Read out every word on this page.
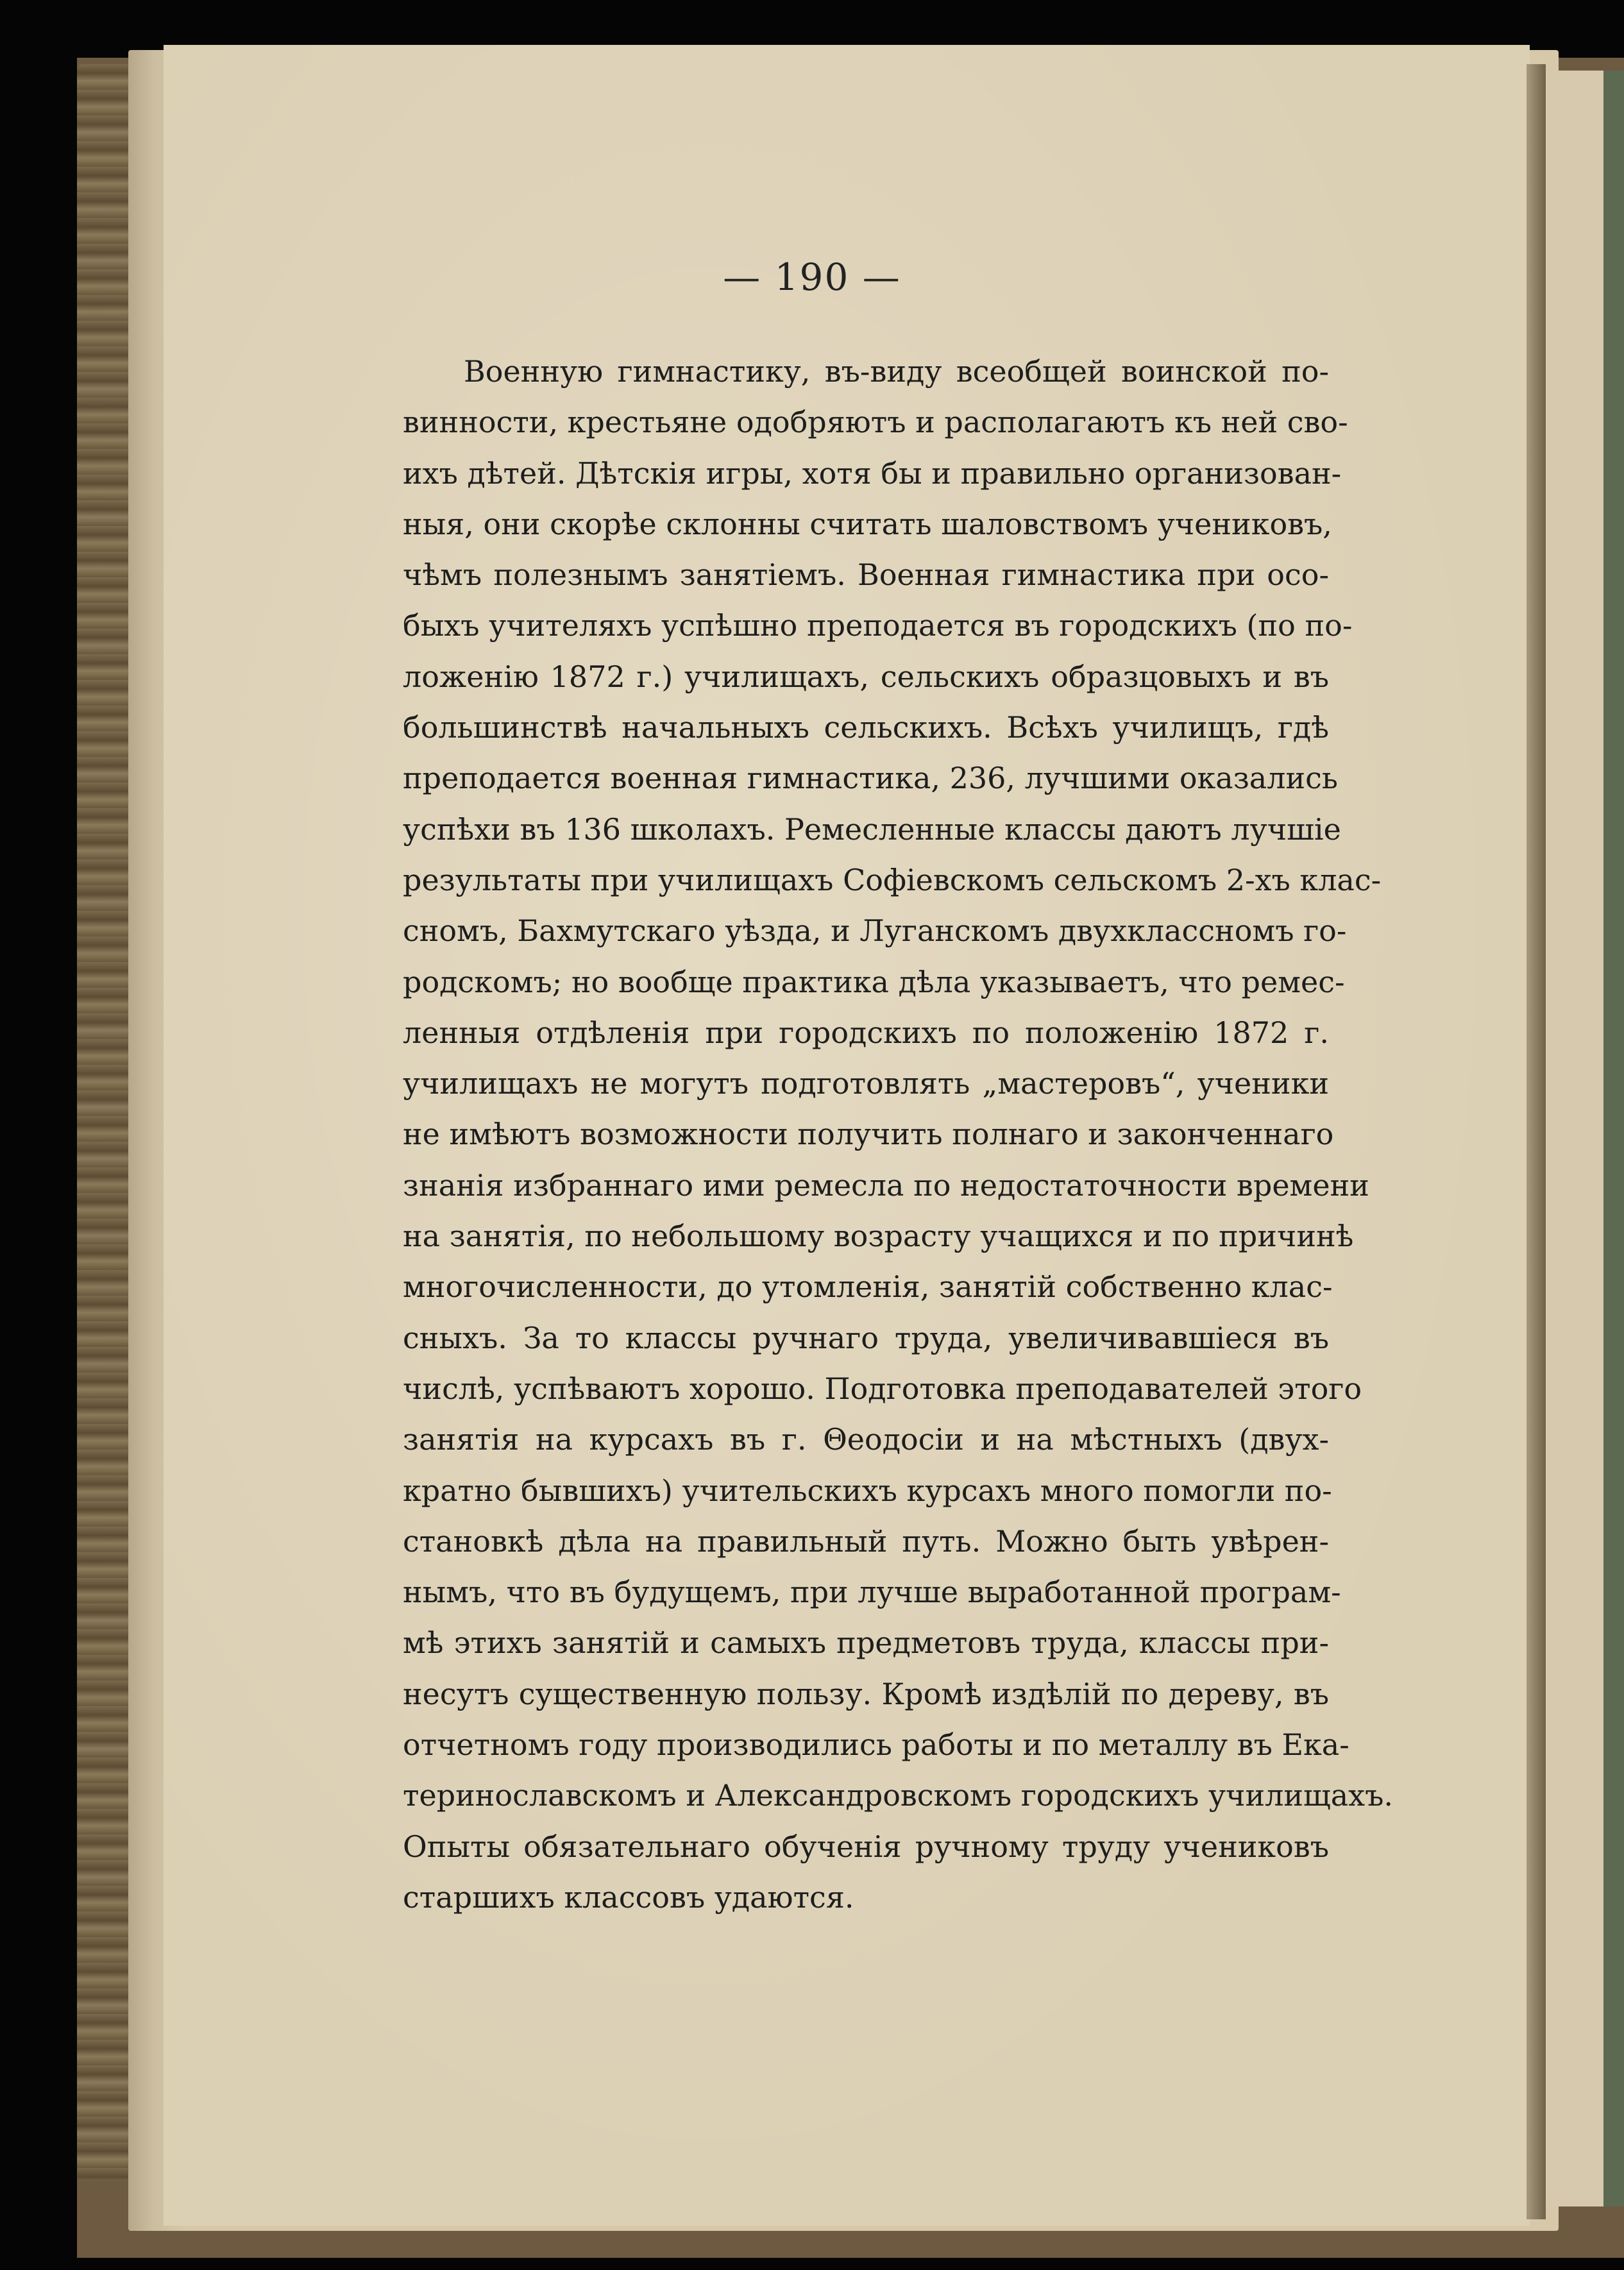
— 190 —
Военную гимнастику, въ-виду всеобщей воинской по-
винности, крестьяне одобряютъ и располагаютъ къ ней сво-
ихъ дѣтей. Дѣтскія игры, хотя бы и правильно организован-
ныя, они скорѣе склонны считать шаловствомъ учениковъ,
чѣмъ полезнымъ занятіемъ. Военная гимнастика при осо-
быхъ учителяхъ успѣшно преподается въ городскихъ (по по-
ложенію 1872 г.) училищахъ, сельскихъ образцовыхъ и въ
большинствѣ начальныхъ сельскихъ. Всѣхъ училищъ, гдѣ
преподается военная гимнастика, 236, лучшими оказались
успѣхи въ 136 школахъ. Ремесленные классы даютъ лучшіе
результаты при училищахъ Софіевскомъ сельскомъ 2-хъ клас-
сномъ, Бахмутскаго уѣзда, и Луганскомъ двухклассномъ го-
родскомъ; но вообще практика дѣла указываетъ, что ремес-
ленныя отдѣленія при городскихъ по положенію 1872 г.
училищахъ не могутъ подготовлять „мастеровъ“, ученики
не имѣютъ возможности получить полнаго и законченнаго
знанія избраннаго ими ремесла по недостаточности времени
на занятія, по небольшому возрасту учащихся и по причинѣ
многочисленности, до утомленія, занятій собственно клас-
сныхъ. За то классы ручнаго труда, увеличивавшіеся въ
числѣ, успѣваютъ хорошо. Подготовка преподавателей этого
занятія на курсахъ въ г. Θеодосіи и на мѣстныхъ (двух-
кратно бывшихъ) учительскихъ курсахъ много помогли по-
становкѣ дѣла на правильный путь. Можно быть увѣрен-
нымъ, что въ будущемъ, при лучше выработанной програм-
мѣ этихъ занятій и самыхъ предметовъ труда, классы при-
несутъ существенную пользу. Кромѣ издѣлій по дереву, въ
отчетномъ году производились работы и по металлу въ Ека-
теринославскомъ и Александровскомъ городскихъ училищахъ.
Опыты обязательнаго обученія ручному труду учениковъ
старшихъ классовъ удаются.
